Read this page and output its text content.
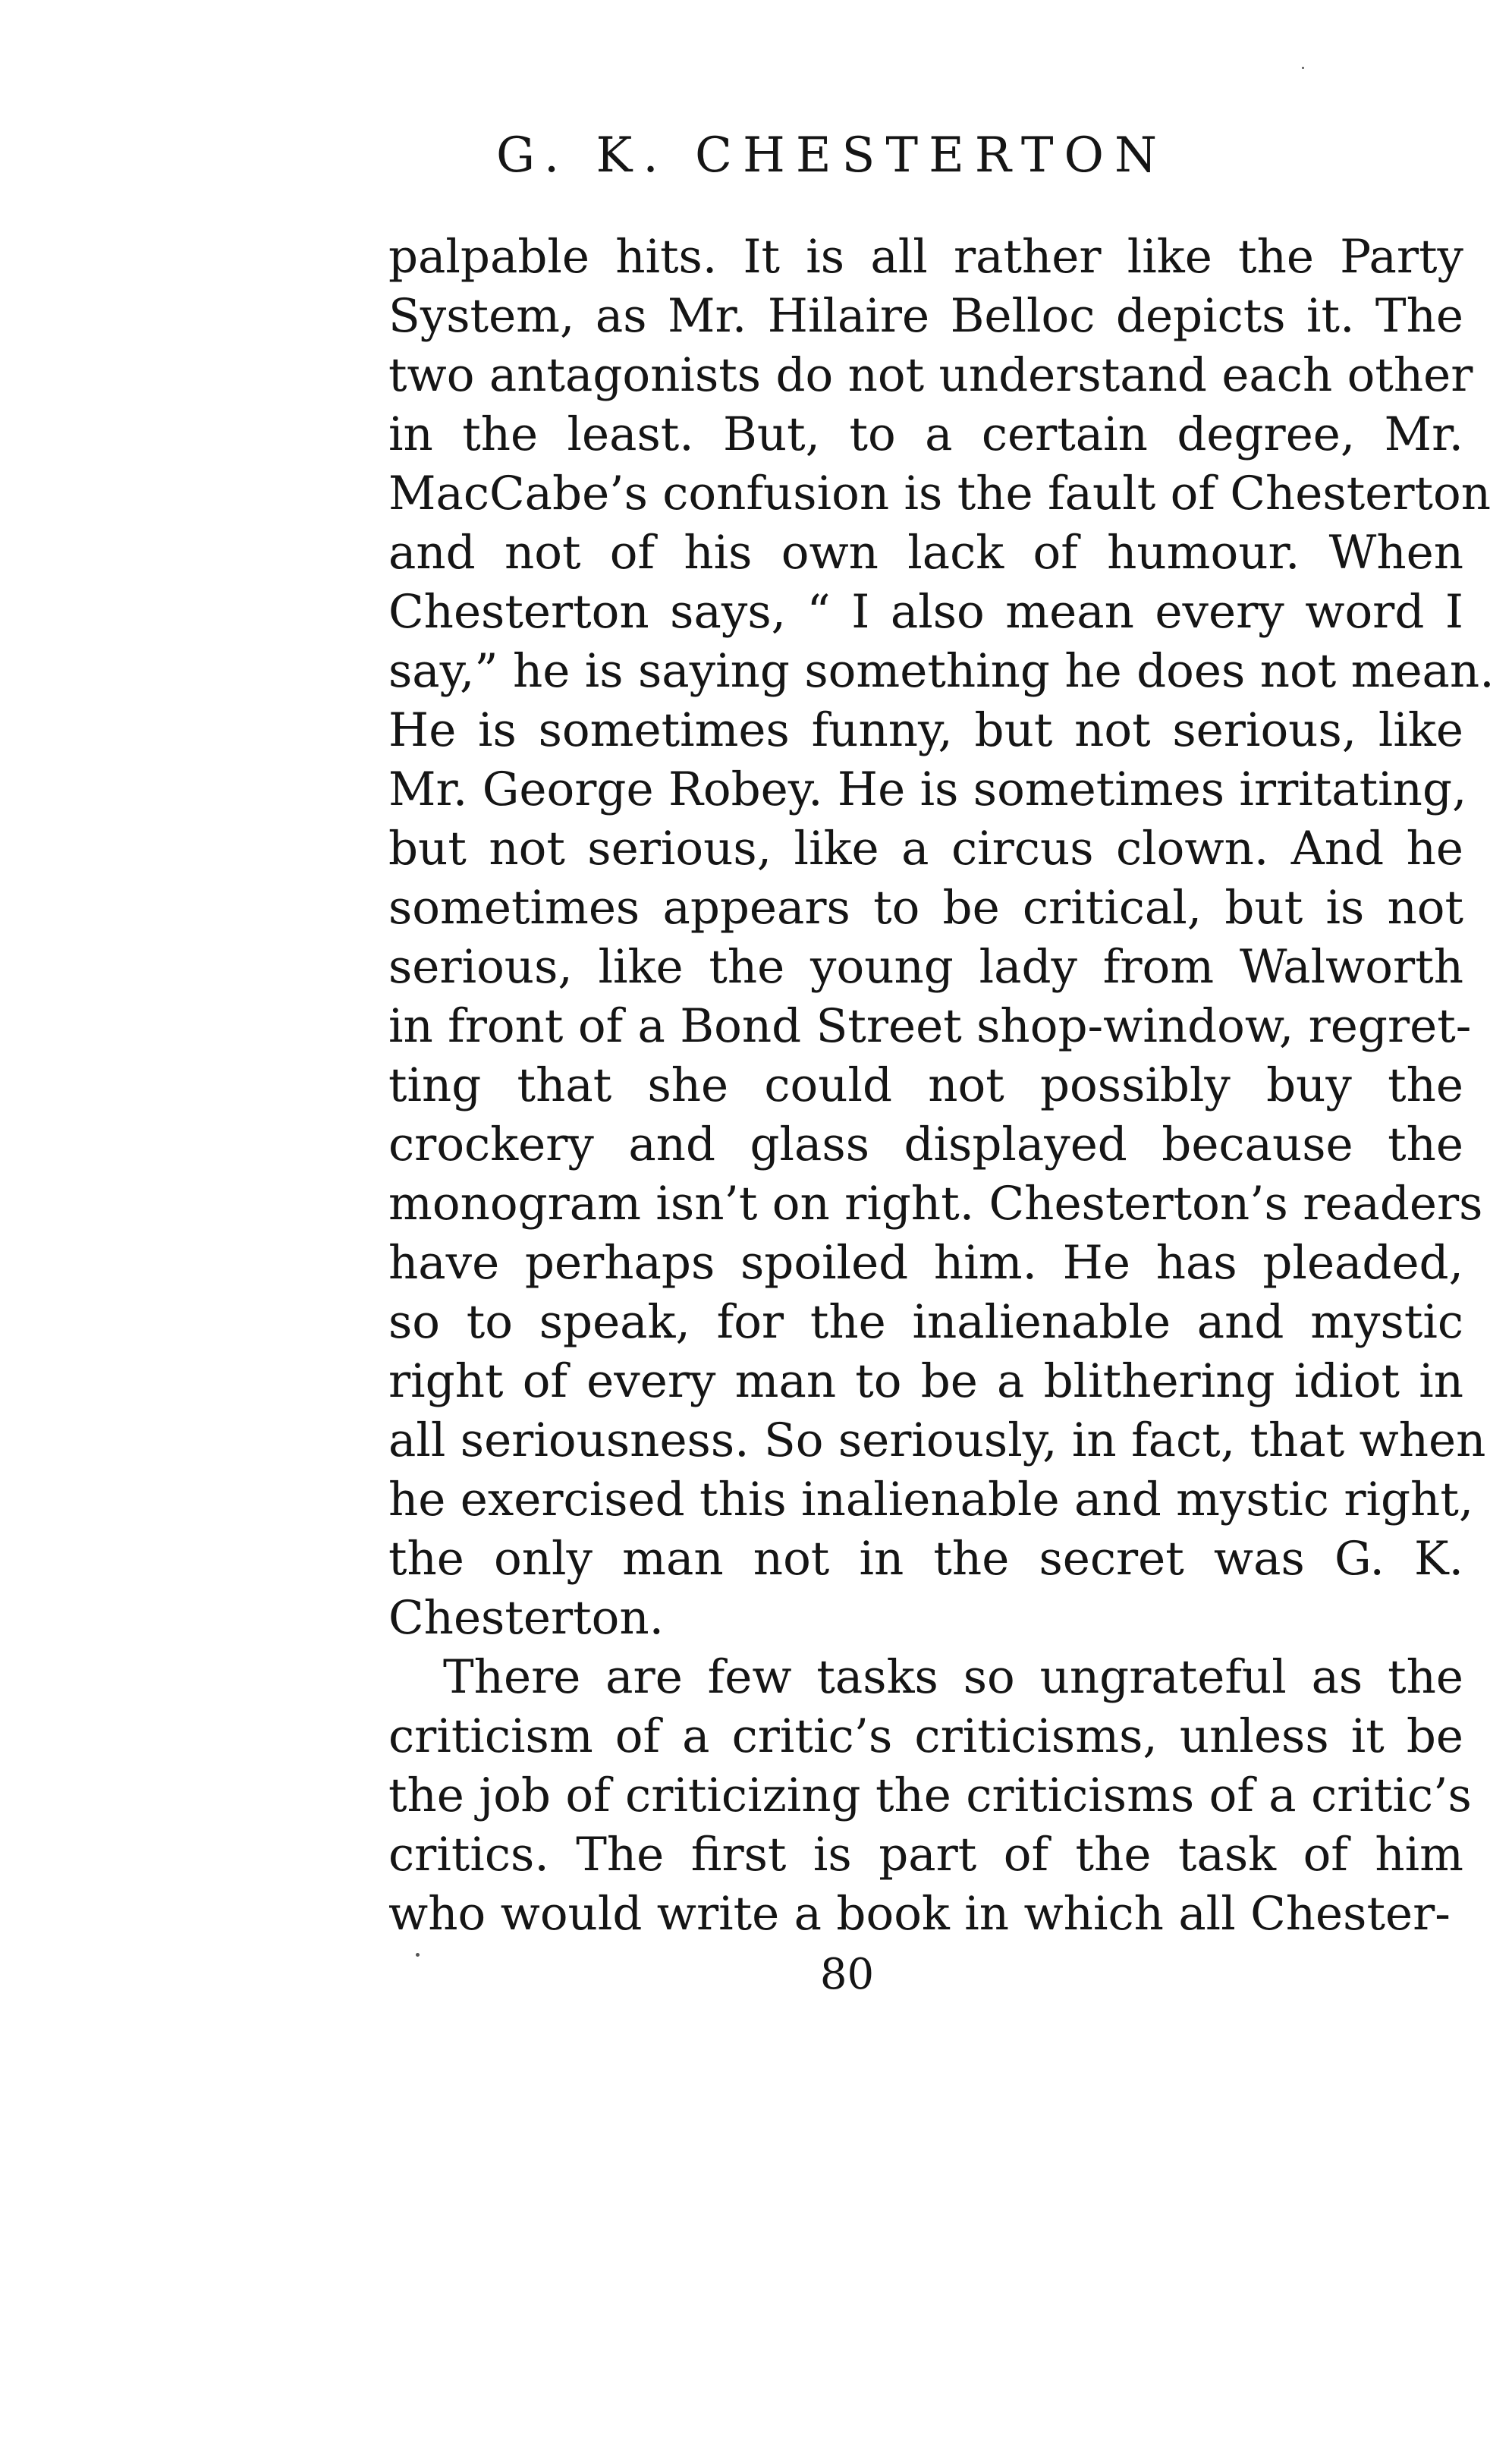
G. K. CHESTERTON
palpable hits. It is all rather like the Party
System, as Mr. Hilaire Belloc depicts it. The
two antagonists do not understand each other
in the least. But, to a certain degree, Mr.
MacCabe’s confusion is the fault of Chesterton
and not of his own lack of humour. When
Chesterton says, “ I also mean every word I
say,” he is saying something he does not mean.
He is sometimes funny, but not serious, like
Mr. George Robey. He is sometimes irritating,
but not serious, like a circus clown. And he
sometimes appears to be critical, but is not
serious, like the young lady from Walworth
in front of a Bond Street shop-window, regret-
ting that she could not possibly buy the
crockery and glass displayed because the
monogram isn’t on right. Chesterton’s readers
have perhaps spoiled him. He has pleaded,
so to speak, for the inalienable and mystic
right of every man to be a blithering idiot in
all seriousness. So seriously, in fact, that when
he exercised this inalienable and mystic right,
the only man not in the secret was G. K.
Chesterton.
There are few tasks so ungrateful as the
criticism of a critic’s criticisms, unless it be
the job of criticizing the criticisms of a critic’s
critics. The first is part of the task of him
who would write a book in which all Chester-
80
